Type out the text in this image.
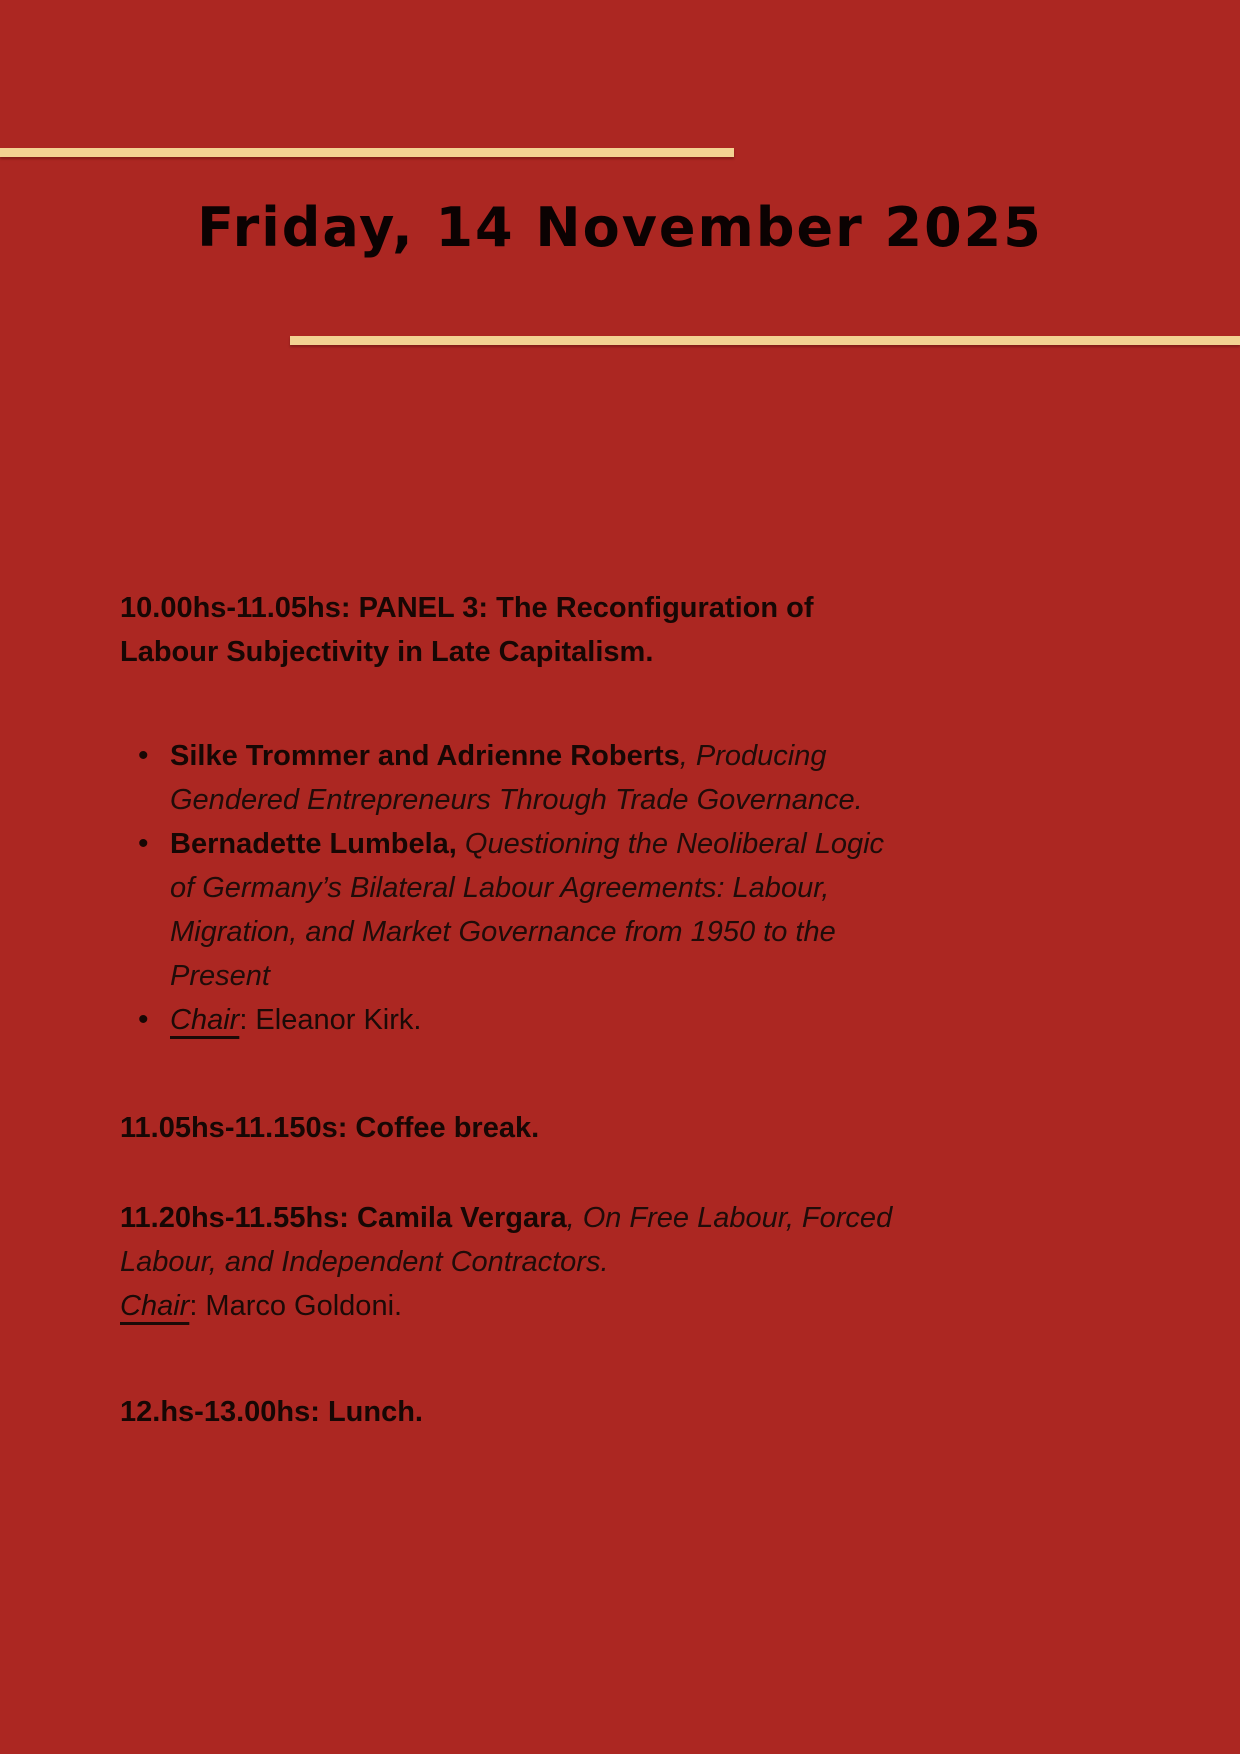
Friday, 14 November 2025

10.00hs-11.05hs: PANEL 3: The Reconfiguration of Labour Subjectivity in Late Capitalism.

• Silke Trommer and Adrienne Roberts, Producing Gendered Entrepreneurs Through Trade Governance.
• Bernadette Lumbela, Questioning the Neoliberal Logic of Germany’s Bilateral Labour Agreements: Labour, Migration, and Market Governance from 1950 to the Present
• Chair: Eleanor Kirk.

11.05hs-11.150s: Coffee break.

11.20hs-11.55hs: Camila Vergara, On Free Labour, Forced Labour, and Independent Contractors.
Chair: Marco Goldoni.

12.hs-13.00hs: Lunch.
